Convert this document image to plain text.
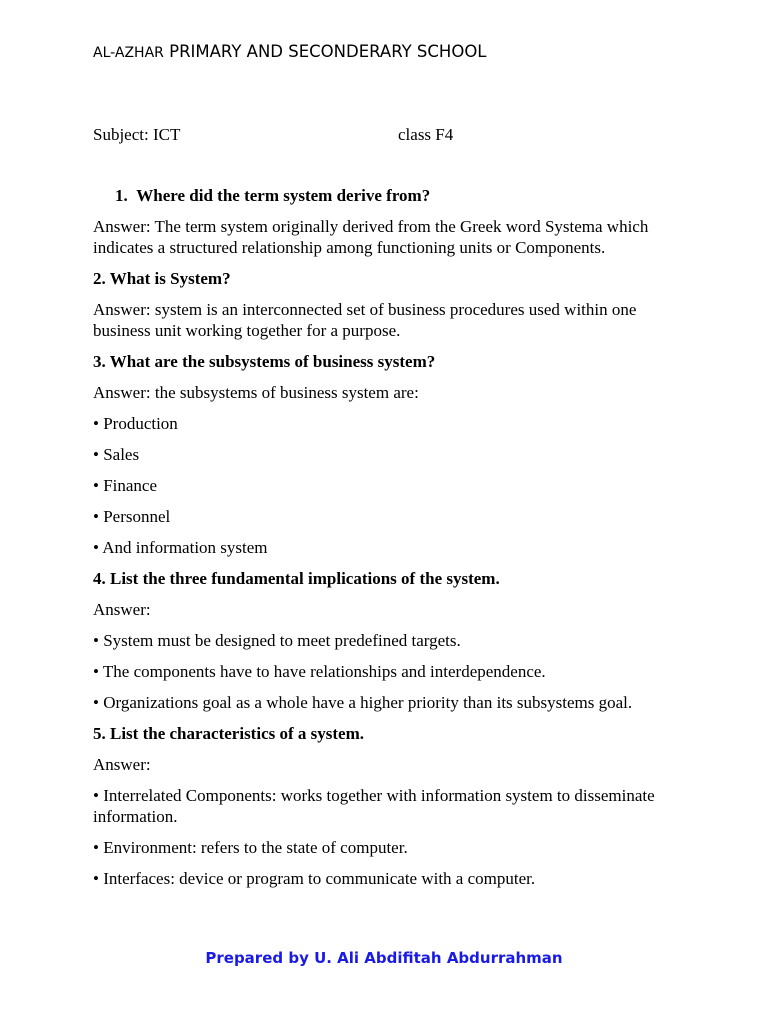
AL-AZHAR PRIMARY AND SECONDERARY SCHOOL
Subject: ICT	class F4

1.  Where did the term system derive from?

Answer: The term system originally derived from the Greek word Systema which indicates a structured relationship among functioning units or Components.

2. What is System?

Answer: system is an interconnected set of business procedures used within one business unit working together for a purpose.

3. What are the subsystems of business system?

Answer: the subsystems of business system are:

• Production

• Sales

• Finance

• Personnel

• And information system

4. List the three fundamental implications of the system.

Answer:

• System must be designed to meet predefined targets.

• The components have to have relationships and interdependence.

• Organizations goal as a whole have a higher priority than its subsystems goal.

5. List the characteristics of a system.

Answer:

• Interrelated Components: works together with information system to disseminate information.

• Environment: refers to the state of computer.

• Interfaces: device or program to communicate with a computer.

Prepared by U. Ali Abdifitah Abdurrahman
